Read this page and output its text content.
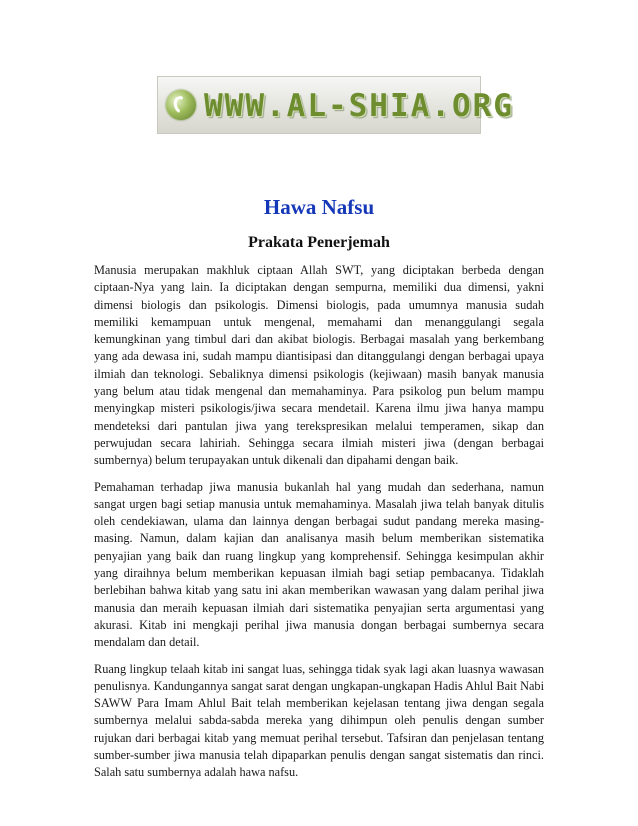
WWW.AL-SHIA.ORG
Hawa Nafsu
Prakata Penerjemah

Manusia merupakan makhluk ciptaan Allah SWT, yang diciptakan berbeda dengan ciptaan-Nya yang lain. Ia diciptakan dengan sempurna, memiliki dua dimensi, yakni dimensi biologis dan psikologis. Dimensi biologis, pada umumnya manusia sudah memiliki kemampuan untuk mengenal, memahami dan menanggulangi segala kemungkinan yang timbul dari dan akibat biologis. Berbagai masalah yang berkembang yang ada dewasa ini, sudah mampu diantisipasi dan ditanggulangi dengan berbagai upaya ilmiah dan teknologi. Sebaliknya dimensi psikologis (kejiwaan) masih banyak manusia yang belum atau tidak mengenal dan memahaminya. Para psikolog pun belum mampu menyingkap misteri psikologis/jiwa secara mendetail. Karena ilmu jiwa hanya mampu mendeteksi dari pantulan jiwa yang terekspresikan melalui temperamen, sikap dan perwujudan secara lahiriah. Sehingga secara ilmiah misteri jiwa (dengan berbagai sumbernya) belum terupayakan untuk dikenali dan dipahami dengan baik.

Pemahaman terhadap jiwa manusia bukanlah hal yang mudah dan sederhana, namun sangat urgen bagi setiap manusia untuk memahaminya. Masalah jiwa telah banyak ditulis oleh cendekiawan, ulama dan lainnya dengan berbagai sudut pandang mereka masing-masing. Namun, dalam kajian dan analisanya masih belum memberikan sistematika penyajian yang baik dan ruang lingkup yang komprehensif. Sehingga kesimpulan akhir yang diraihnya belum memberikan kepuasan ilmiah bagi setiap pembacanya. Tidaklah berlebihan bahwa kitab yang satu ini akan memberikan wawasan yang dalam perihal jiwa manusia dan meraih kepuasan ilmiah dari sistematika penyajian serta argumentasi yang akurasi. Kitab ini mengkaji perihal jiwa manusia dongan berbagai sumbernya secara mendalam dan detail.

Ruang lingkup telaah kitab ini sangat luas, sehingga tidak syak lagi akan luasnya wawasan penulisnya. Kandungannya sangat sarat dengan ungkapan-ungkapan Hadis Ahlul Bait Nabi SAWW Para Imam Ahlul Bait telah memberikan kejelasan tentang jiwa dengan segala sumbernya melalui sabda-sabda mereka yang dihimpun oleh penulis dengan sumber rujukan dari berbagai kitab yang memuat perihal tersebut. Tafsiran dan penjelasan tentang sumber-sumber jiwa manusia telah dipaparkan penulis dengan sangat sistematis dan rinci. Salah satu sumbernya adalah hawa nafsu.
